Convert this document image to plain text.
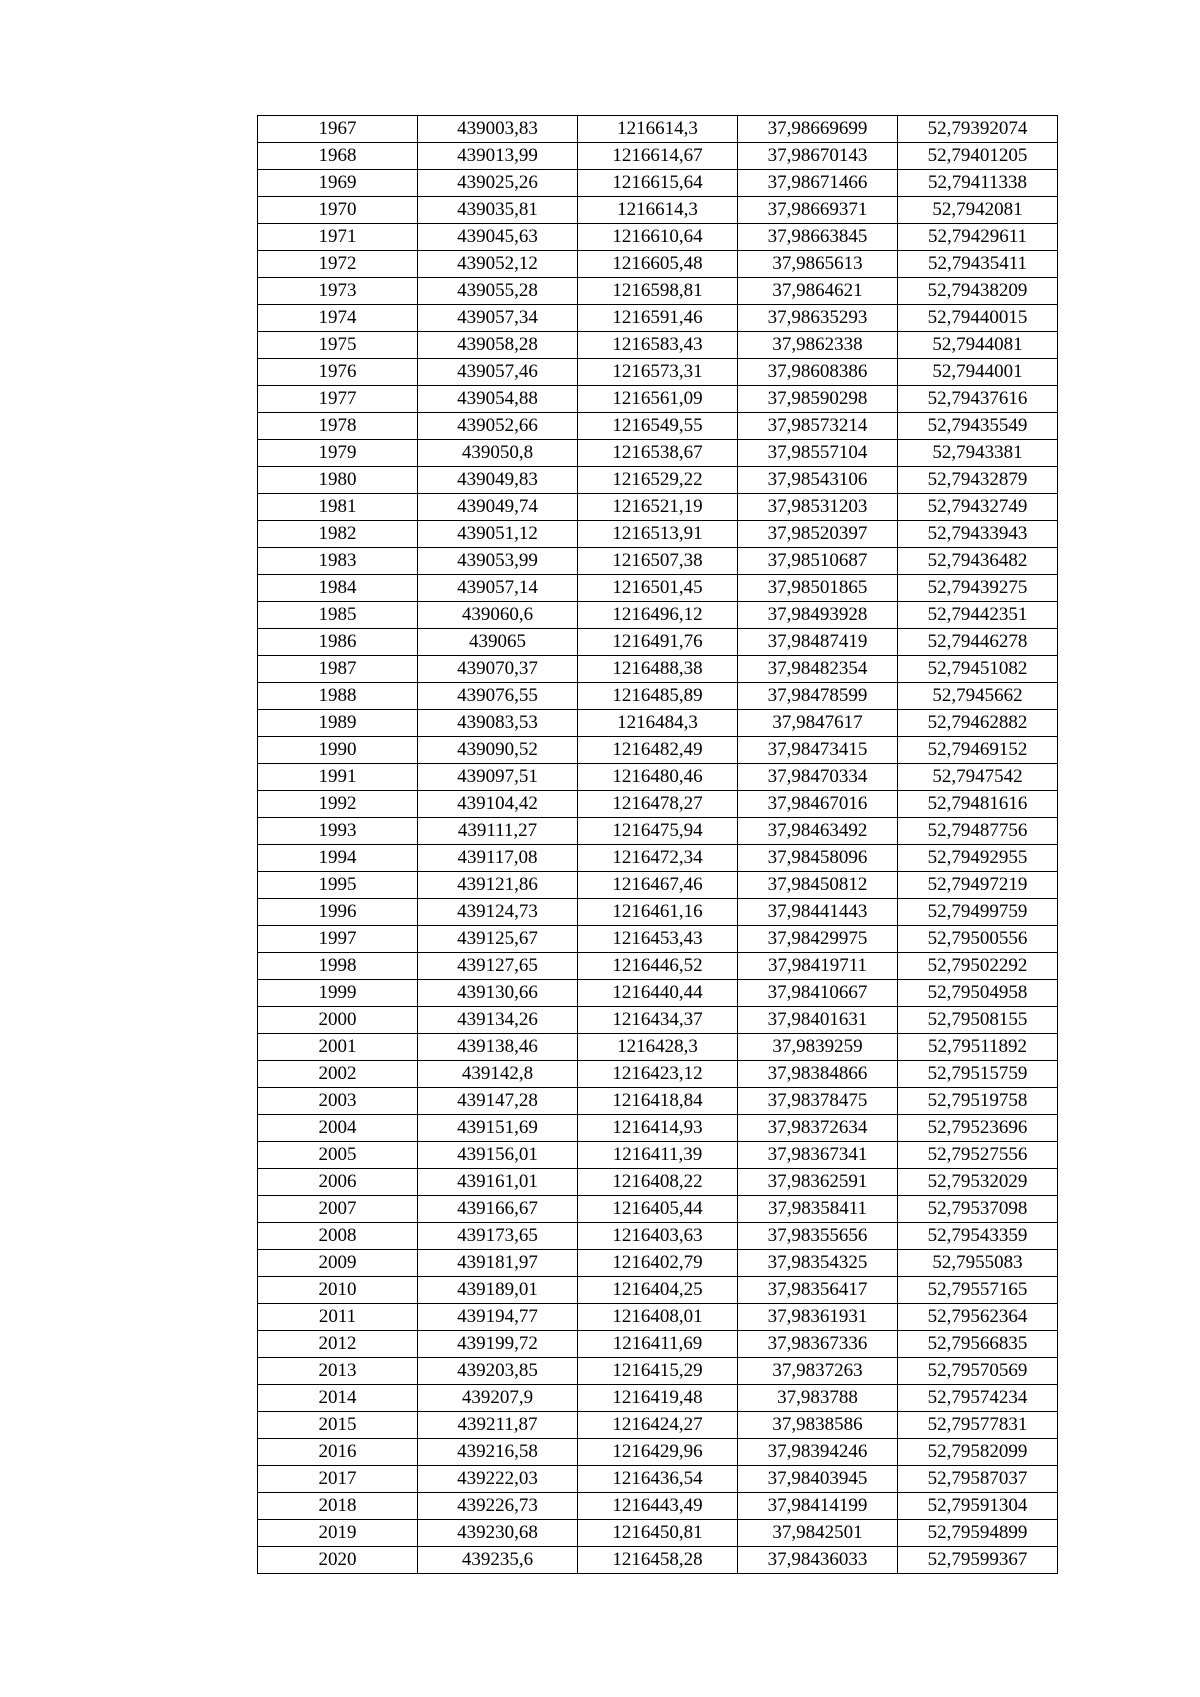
1967	439003,83	1216614,3	37,98669699	52,79392074
1968	439013,99	1216614,67	37,98670143	52,79401205
1969	439025,26	1216615,64	37,98671466	52,79411338
1970	439035,81	1216614,3	37,98669371	52,7942081
1971	439045,63	1216610,64	37,98663845	52,79429611
1972	439052,12	1216605,48	37,9865613	52,79435411
1973	439055,28	1216598,81	37,9864621	52,79438209
1974	439057,34	1216591,46	37,98635293	52,79440015
1975	439058,28	1216583,43	37,9862338	52,7944081
1976	439057,46	1216573,31	37,98608386	52,7944001
1977	439054,88	1216561,09	37,98590298	52,79437616
1978	439052,66	1216549,55	37,98573214	52,79435549
1979	439050,8	1216538,67	37,98557104	52,7943381
1980	439049,83	1216529,22	37,98543106	52,79432879
1981	439049,74	1216521,19	37,98531203	52,79432749
1982	439051,12	1216513,91	37,98520397	52,79433943
1983	439053,99	1216507,38	37,98510687	52,79436482
1984	439057,14	1216501,45	37,98501865	52,79439275
1985	439060,6	1216496,12	37,98493928	52,79442351
1986	439065	1216491,76	37,98487419	52,79446278
1987	439070,37	1216488,38	37,98482354	52,79451082
1988	439076,55	1216485,89	37,98478599	52,7945662
1989	439083,53	1216484,3	37,9847617	52,79462882
1990	439090,52	1216482,49	37,98473415	52,79469152
1991	439097,51	1216480,46	37,98470334	52,7947542
1992	439104,42	1216478,27	37,98467016	52,79481616
1993	439111,27	1216475,94	37,98463492	52,79487756
1994	439117,08	1216472,34	37,98458096	52,79492955
1995	439121,86	1216467,46	37,98450812	52,79497219
1996	439124,73	1216461,16	37,98441443	52,79499759
1997	439125,67	1216453,43	37,98429975	52,79500556
1998	439127,65	1216446,52	37,98419711	52,79502292
1999	439130,66	1216440,44	37,98410667	52,79504958
2000	439134,26	1216434,37	37,98401631	52,79508155
2001	439138,46	1216428,3	37,9839259	52,79511892
2002	439142,8	1216423,12	37,98384866	52,79515759
2003	439147,28	1216418,84	37,98378475	52,79519758
2004	439151,69	1216414,93	37,98372634	52,79523696
2005	439156,01	1216411,39	37,98367341	52,79527556
2006	439161,01	1216408,22	37,98362591	52,79532029
2007	439166,67	1216405,44	37,98358411	52,79537098
2008	439173,65	1216403,63	37,98355656	52,79543359
2009	439181,97	1216402,79	37,98354325	52,7955083
2010	439189,01	1216404,25	37,98356417	52,79557165
2011	439194,77	1216408,01	37,98361931	52,79562364
2012	439199,72	1216411,69	37,98367336	52,79566835
2013	439203,85	1216415,29	37,9837263	52,79570569
2014	439207,9	1216419,48	37,983788	52,79574234
2015	439211,87	1216424,27	37,9838586	52,79577831
2016	439216,58	1216429,96	37,98394246	52,79582099
2017	439222,03	1216436,54	37,98403945	52,79587037
2018	439226,73	1216443,49	37,98414199	52,79591304
2019	439230,68	1216450,81	37,9842501	52,79594899
2020	439235,6	1216458,28	37,98436033	52,79599367
